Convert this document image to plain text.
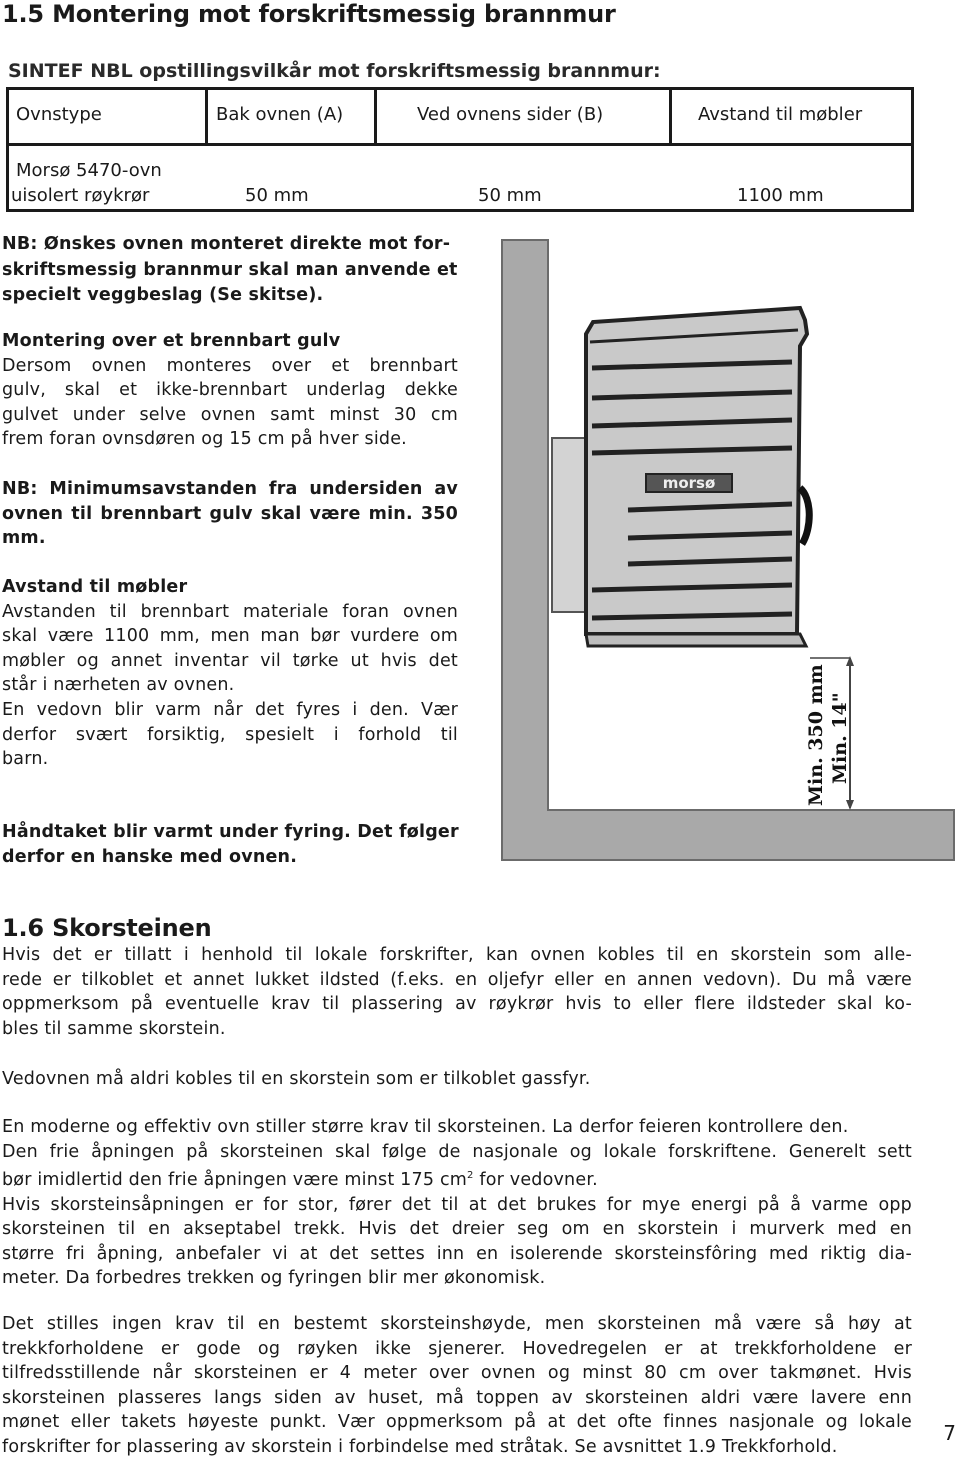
1.5 Montering mot forskriftsmessig brannmur
SINTEF NBL opstillingsvilkår mot forskriftsmessig brannmur:
Ovnstype	Bak ovnen (A)	Ved ovnens sider (B)	Avstand til møbler
Morsø 5470-ovn
uisolert røykrør	50 mm	50 mm	1100 mm
NB: Ønskes ovnen monteret direkte mot for-
skriftsmessig brannmur skal man anvende et
specielt veggbeslag (Se skitse).
Montering over et brennbart gulv
Dersom ovnen monteres over et brennbart
gulv, skal et ikke-brennbart underlag dekke
gulvet under selve ovnen samt minst 30 cm
frem foran ovnsdøren og 15 cm på hver side.
NB: Minimumsavstanden fra undersiden av
ovnen til brennbart gulv skal være min. 350
mm.
Avstand til møbler
Avstanden til brennbart materiale foran ovnen
skal være 1100 mm, men man bør vurdere om
møbler og annet inventar vil tørke ut hvis det
står i nærheten av ovnen.
En vedovn blir varm når det fyres i den. Vær
derfor svært forsiktig, spesielt i forhold til
barn.
Håndtaket blir varmt under fyring. Det følger
derfor en hanske med ovnen.
morsø
Min. 350 mm Min. 14"
1.6 Skorsteinen
Hvis det er tillatt i henhold til lokale forskrifter, kan ovnen kobles til en skorstein som alle-
rede er tilkoblet et annet lukket ildsted (f.eks. en oljefyr eller en annen vedovn). Du må være
oppmerksom på eventuelle krav til plassering av røykrør hvis to eller flere ildsteder skal ko-
bles til samme skorstein.
Vedovnen må aldri kobles til en skorstein som er tilkoblet gassfyr.
En moderne og effektiv ovn stiller større krav til skorsteinen. La derfor feieren kontrollere den.
Den frie åpningen på skorsteinen skal følge de nasjonale og lokale forskriftene. Generelt sett
bør imidlertid den frie åpningen være minst 175 $cm^2$ for vedovner.
Hvis skorsteinsåpningen er for stor, fører det til at det brukes for mye energi på å varme opp
skorsteinen til en akseptabel trekk. Hvis det dreier seg om en skorstein i murverk med en
større fri åpning, anbefaler vi at det settes inn en isolerende skorsteinsfôring med riktig dia-
meter. Da forbedres trekken og fyringen blir mer økonomisk.
Det stilles ingen krav til en bestemt skorsteinshøyde, men skorsteinen må være så høy at
trekkforholdene er gode og røyken ikke sjenerer. Hovedregelen er at trekkforholdene er
tilfredsstillende når skorsteinen er 4 meter over ovnen og minst 80 cm over takmønet. Hvis
skorsteinen plasseres langs siden av huset, må toppen av skorsteinen aldri være lavere enn
mønet eller takets høyeste punkt. Vær oppmerksom på at det ofte finnes nasjonale og lokale
forskrifter for plassering av skorstein i forbindelse med stråtak. Se avsnittet 1.9 Trekkforhold.
7
